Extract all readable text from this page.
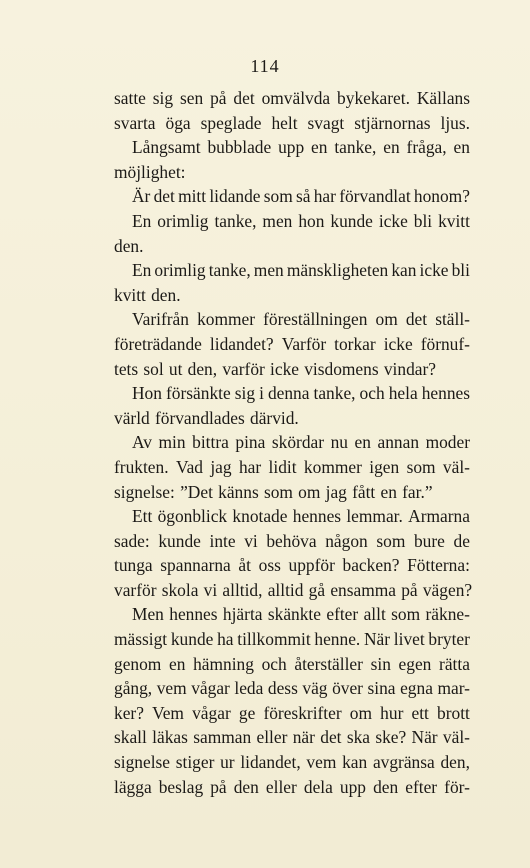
114
satte sig sen på det omvälvda bykekaret. Källans
svarta öga speglade helt svagt stjärnornas ljus.
Långsamt bubblade upp en tanke, en fråga, en
möjlighet:
Är det mitt lidande som så har förvandlat honom?
En orimlig tanke, men hon kunde icke bli kvitt
den.
En orimlig tanke, men mänskligheten kan icke bli
kvitt den.
Varifrån kommer föreställningen om det ställ-
företrädande lidandet? Varför torkar icke förnuf-
tets sol ut den, varför icke visdomens vindar?
Hon försänkte sig i denna tanke, och hela hennes
värld förvandlades därvid.
Av min bittra pina skördar nu en annan moder
frukten. Vad jag har lidit kommer igen som väl-
signelse: ”Det känns som om jag fått en far.”
Ett ögonblick knotade hennes lemmar. Armarna
sade: kunde inte vi behöva någon som bure de
tunga spannarna åt oss uppför backen? Fötterna:
varför skola vi alltid, alltid gå ensamma på vägen?
Men hennes hjärta skänkte efter allt som räkne-
mässigt kunde ha tillkommit henne. När livet bryter
genom en hämning och återställer sin egen rätta
gång, vem vågar leda dess väg över sina egna mar-
ker? Vem vågar ge föreskrifter om hur ett brott
skall läkas samman eller när det ska ske? När väl-
signelse stiger ur lidandet, vem kan avgränsa den,
lägga beslag på den eller dela upp den efter för-
